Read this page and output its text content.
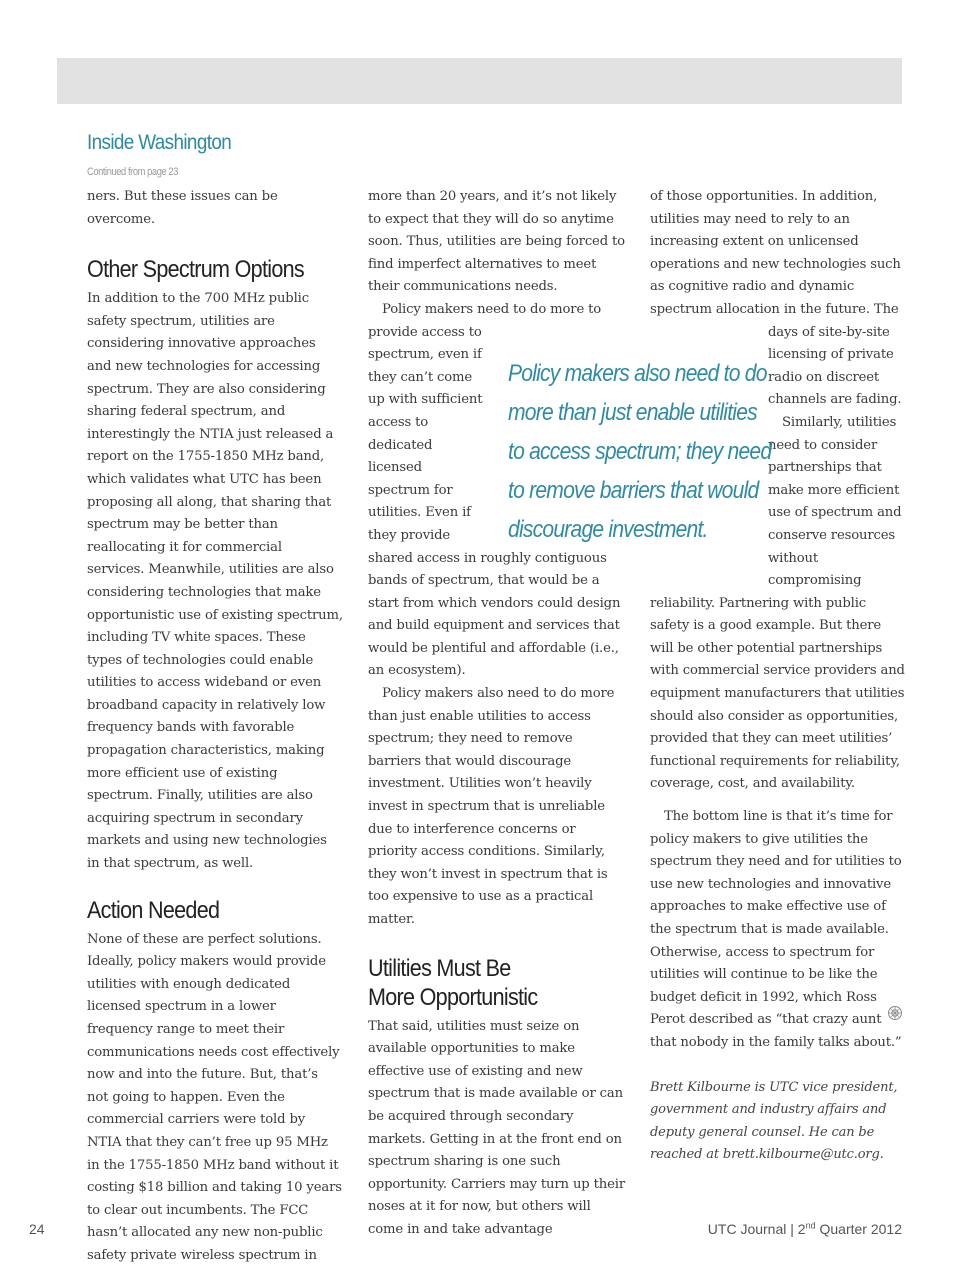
Inside Washington
Continued from page 23

ners. But these issues can be overcome.

Other Spectrum Options

In addition to the 700 MHz public safety spectrum, utilities are considering innovative approaches and new technologies for accessing spectrum. They are also considering sharing federal spectrum, and interestingly the NTIA just released a report on the 1755-1850 MHz band, which validates what UTC has been proposing all along, that sharing that spectrum may be better than reallocating it for commercial services. Meanwhile, utilities are also considering technologies that make opportunistic use of existing spectrum, including TV white spaces. These types of technologies could enable utilities to access wideband or even broadband capacity in relatively low frequency bands with favorable propagation characteristics, making more efficient use of existing spectrum. Finally, utilities are also acquiring spectrum in secondary markets and using new technologies in that spectrum, as well.

Action Needed

None of these are perfect solutions. Ideally, policy makers would provide utilities with enough dedicated licensed spectrum in a lower frequency range to meet their communications needs cost effectively now and into the future. But, that’s not going to happen. Even the commercial carriers were told by NTIA that they can’t free up 95 MHz in the 1755-1850 MHz band without it costing $18 billion and taking 10 years to clear out incumbents. The FCC hasn’t allocated any new non-public safety private wireless spectrum in

more than 20 years, and it’s not likely to expect that they will do so anytime soon. Thus, utilities are being forced to find imperfect alternatives to meet their communications needs.

Policy makers need to do more to provide access to spectrum, even if they can’t come up with sufficient access to dedicated licensed spectrum for utilities. Even if they provide shared access in roughly contiguous bands of spectrum, that would be a start from which vendors could design and build equipment and services that would be plentiful and affordable (i.e., an ecosystem).

Policy makers also need to do more than just enable utilities to access spectrum; they need to remove barriers that would discourage investment. Utilities won’t heavily invest in spectrum that is unreliable due to interference concerns or priority access conditions. Similarly, they won’t invest in spectrum that is too expensive to use as a practical matter.

Utilities Must Be
More Opportunistic

That said, utilities must seize on available opportunities to make effective use of existing and new spectrum that is made available or can be acquired through secondary markets. Getting in at the front end on spectrum sharing is one such opportunity. Carriers may turn up their noses at it for now, but others will come in and take advantage

of those opportunities. In addition, utilities may need to rely to an increasing extent on unlicensed operations and new technologies such as cognitive radio and dynamic spectrum allocation in the future. The days of site-by-site licensing of private radio on discreet channels are fading.

Similarly, utilities need to consider partnerships that make more efficient use of spectrum and conserve resources without compromising reliability. Partnering with public safety is a good example. But there will be other potential partnerships with commercial service providers and equipment manufacturers that utilities should also consider as opportunities, provided that they can meet utilities’ functional requirements for reliability, coverage, cost, and availability.

The bottom line is that it’s time for policy makers to give utilities the spectrum they need and for utilities to use new technologies and innovative approaches to make effective use of the spectrum that is made available. Otherwise, access to spectrum for utilities will continue to be like the budget deficit in 1992, which Ross Perot described as “that crazy aunt that nobody in the family talks about.”

Brett Kilbourne is UTC vice president,
government and industry affairs and
deputy general counsel. He can be
reached at brett.kilbourne@utc.org.
Policy makers also need to do
more than just enable utilities
to access spectrum; they need
to remove barriers that would
discourage investment.
24	UTC Journal | 2nd Quarter 2012
